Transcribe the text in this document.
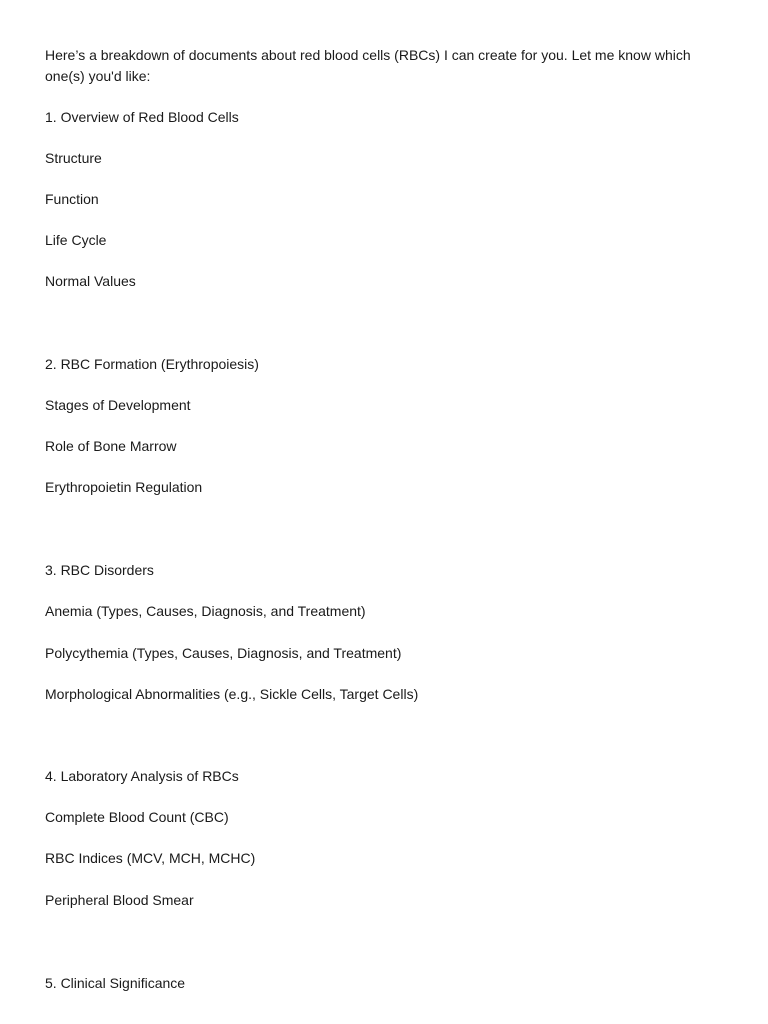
Here’s a breakdown of documents about red blood cells (RBCs) I can create for you. Let me know which one(s) you'd like:

1. Overview of Red Blood Cells

Structure

Function

Life Cycle

Normal Values

2. RBC Formation (Erythropoiesis)

Stages of Development

Role of Bone Marrow

Erythropoietin Regulation

3. RBC Disorders

Anemia (Types, Causes, Diagnosis, and Treatment)

Polycythemia (Types, Causes, Diagnosis, and Treatment)

Morphological Abnormalities (e.g., Sickle Cells, Target Cells)

4. Laboratory Analysis of RBCs

Complete Blood Count (CBC)

RBC Indices (MCV, MCH, MCHC)

Peripheral Blood Smear

5. Clinical Significance
